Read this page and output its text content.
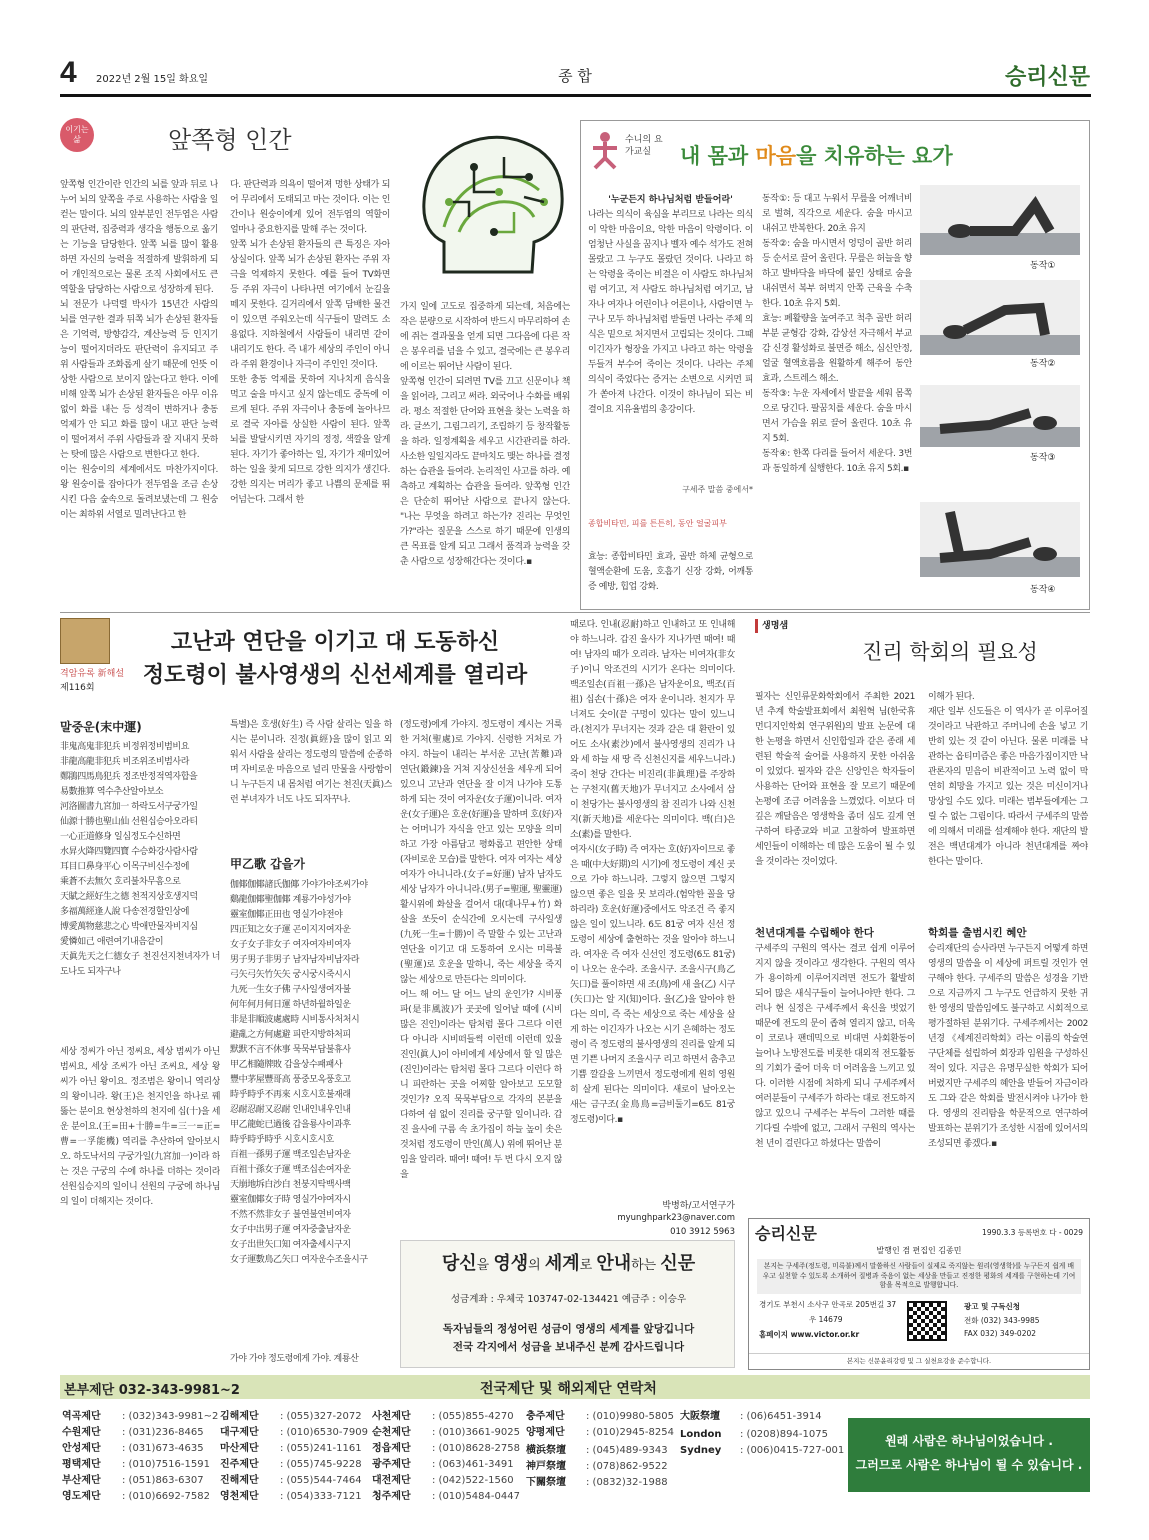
4 2022년 2월 15일 화요일	종 합	승리신문
이기는 삶	앞쪽형 인간
앞쪽형 인간이란 인간의 뇌를 앞과 뒤로 나누어 뇌의 앞쪽을 주로 사용하는 사람을 일컫는 말이다. 뇌의 앞부분인 전두엽은 사람의 판단력, 집중력과 생각을 행동으로 옮기는 기능을 담당한다. 앞쪽 뇌를 많이 활용하면 자신의 능력을 적절하게 발휘하게 되어 개인적으로는 물론 조직 사회에서도 큰 역할을 담당하는 사람으로 성장하게 된다.
뇌 전문가 나덕렬 박사가 15년간 사람의 뇌를 연구한 결과 뒤쪽 뇌가 손상된 환자들은 기억력, 방향감각, 계산능력 등 인지기능이 떨어지더라도 판단력이 유지되고 주위 사람들과 조화롭게 살기 때문에 언뜻 이상한 사람으로 보이지 않는다고 한다. 이에 비해 앞쪽 뇌가 손상된 환자들은 아무 이유 없이 화를 내는 등 성격이 변하거나 충동 억제가 안 되고 화를 많이 내고 판단 능력이 떨어져서 주위 사람들과 잘 지내지 못하는 탓에 많은 사람으로 변한다고 한다.
이는 원숭이의 세계에서도 마찬가지이다. 왕 원숭이를 잡아다가 전두엽을 조금 손상시킨 다음 숲속으로 돌려보냈는데 그 원숭이는 최하위 서열로 밀려난다고 한
다. 판단력과 의욕이 떨어져 멍한 상태가 되어 무리에서 도태되고 마는 것이다. 이는 인간이나 원숭이에게 있어 전두엽의 역할이 얼마나 중요한지를 말해 주는 것이다.
앞쪽 뇌가 손상된 환자들의 큰 특징은 자아 상실이다. 앞쪽 뇌가 손상된 환자는 주위 자극을 억제하지 못한다. 예를 들어 TV화면 등 주위 자극이 나타나면 여기에서 눈길을 떼지 못한다. 길거리에서 앞쪽 담배한 물건이 있으면 주워오는데 식구들이 말려도 소용없다. 지하철에서 사람들이 내리면 같이 내리기도 한다. 즉 내가 세상의 주인이 아니라 주위 환경이나 자극이 주인인 것이다.
또한 충동 억제를 못하여 지나치게 음식을 먹고 술을 마시고 싶지 않는데도 중독에 이르게 된다. 주위 자극이나 충동에 놀아나므로 결국 자아를 상실한 사람이 된다. 앞쪽 뇌를 발달시키면 자기의 정정, 색깔을 알게 된다. 자기가 좋아하는 일, 자기가 재미있어 하는 일을 찾게 되므로 강한 의지가 생긴다. 강한 의지는 머리가 좋고 나쁨의 문제를 뛰어넘는다. 그래서 한
가지 일에 고도로 집중하게 되는데, 처음에는 작은 분량으로 시작하여 반드시 마무리하여 손에 쥐는 결과물을 얻게 되면 그다음에 다른 작은 봉우리를 넘을 수 있고, 결국에는 큰 봉우리에 이르는 뛰어난 사람이 된다.
앞쪽형 인간이 되려면 TV를 끄고 신문이나 책을 읽어라, 그리고 써라. 외국어나 수화를 배워라. 평소 적절한 단어와 표현을 찾는 노력을 하라. 글쓰기, 그림그리기, 조립하기 등 창작활동을 하라. 일정계획을 세우고 시간관리를 하라. 사소한 일일지라도 끝마치도 맺는 하나를 결정하는 습관을 들여라. 논리적인 사고를 하라. 예측하고 계획하는 습관을 들여라. 앞쪽형 인간은 단순히 뛰어난 사람으로 끝나지 않는다. "나는 무엇을 하려고 하는가? 진리는 무엇인가?"라는 질문을 스스로 하기 때문에 인생의 큰 목표를 알게 되고 그래서 품격과 능력을 갖춘 사람으로 성장해간다는 것이다.▪
수니의 요가교실	내 몸과 마음을 치유하는 요가
'누군든지 하나님처럼 받들어라'
나라는 의식이 육심을 부리므로 나라는 의식이 악한 마음이요, 악한 마음이 악령이다. 이 엄청난 사실을 꿈지나 벨자 예수 석가도 전혀 몰랐고 그 누구도 몰랐던 것이다. 나라고 하는 악령을 죽이는 비결은 이 사람도 하나님처럼 여기고, 저 사람도 하나님처럼 여기고, 남자나 여자나 어린이나 어른이나, 사람이면 누구나 모두 하나님처럼 받들면 나라는 주체 의식은 밑으로 처지면서 고립되는 것이다. 그때 이긴자가 형장을 가지고 나라고 하는 악령을 두들겨 부수어 죽이는 것이다. 나라는 주체 의식이 죽었다는 증거는 소변으로 시커먼 피가 쏟아져 나간다. 이것이 하나님이 되는 비결이요 지유율법의 총강이다.
구세주 말씀 중에서*
종합비타민, 피를 튼튼히, 동안 얼굴피부
효능: 종합비타민 효과, 골반 하체 균형으로 혈액순환에 도움, 호흡기 신장 강화, 어깨통증 예방, 힙업 강화.
동작①: 등 대고 누워서 무릎을 어깨너비로 벌혀, 직각으로 세운다. 숨을 마시고 내쉬고 반복한다. 20초 유지
동작②: 숨을 마시면서 엉덩이 골반 허리 등 순서로 끌어 올린다. 무릎은 허늘을 향하고 발바닥을 바닥에 붙인 상태로 숨을 내쉬면서 복부 허벅지 안쪽 근육을 수축한다. 10초 유지 5회.
효능: 폐활량을 높여주고 척추 골반 허리 부분 균형감 강화, 감상선 자극해서 부교감 신경 활성화로 불면증 해소, 심신안정, 얼굴 혈액흐름을 원활하게 해주어 동안 효과, 스트레스 해소.
동작③: 누운 자세에서 발끝을 세워 몸쪽으로 당긴다. 팔꿈치를 세운다. 숨을 마시면서 가슴을 위로 끌어 올린다. 10초 유지 5회.
동작④: 한쪽 다리를 들어서 세운다. 3번과 동일하게 실행한다. 10초 유지 5회.▪
동작①
동작②
동작③
동작④
격암유록 新해설
제116회
고난과 연단을 이기고 대 도동하신
정도령이 불사영생의 신선세계를 열리라
말중운(末中運)
非鬼高鬼非犯兵 비정위정비범비요
非龍高龍非犯兵 비조위조비범사라
鄭鵑四馬鳥犯兵 정조반정적역자합을
易數推算 역수추산알아보소
河洛圖書九宮加一 하락도서구궁가일
仙源十勝也聖山仙 선원십승아오라티
一心正道修身 일심정도수신하면
水昇火降四覽四寶 수승화강사람사람
耳目口鼻身平心 이목구비신수정에
乘蒼不去無欠 호리불차무흠으로
天賦之經好生之德 천적지상호생지덕
多福萬經逢人說 다송전경할인상에
博愛萬物慈悲之心 박애만물자비지심
愛憐如己 애련여기내음같이
天眞先天之仁德女子 천진선지천녀자가 너도나도 되자구나
세상 정씨가 아닌 정씨요, 세상 범씨가 아닌 범씨요, 세상 조씨가 아닌 조씨요, 세상 왕씨가 아닌 왕이요. 정조범은 왕이니 역리상의 왕이니라. 왕(王)은 천지인을 하나로 꿰뚫는 분이요 현상천하의 천지에 십(十)을 세운 분이요.(王=田+十勝=牛=三一=正=曹=一孚能機) 역리를 추산하여 알아보시오. 하도낙서의 구궁가일(九宮加一)이라 하는 것은 구궁의 수에 하나를 더하는 것이라 선원십승지의 일이니 선원의 구궁에 하나님의 일이 더해지는 것이다.
특별)은 호생(好生) 즉 사람 살리는 일을 하시는 분이니라. 진정(眞經)을 많이 읽고 외워서 사람을 살리는 정도령의 말씀에 순종하며 자비로운 마음으로 널리 만물을 사랑함이니 누구든지 내 몸처럼 여기는 천진(天眞)스런 부녀자가 너도 나도 되자꾸나.
甲乙歌 갑을가
伽倻伽倻諸氏伽倻 가야가야조씨가야
鷄龍伽倻聖伽倻 계룡가야성가야
靈室伽倻正田也 영실가야전야
四正知之女子運 곤이지지여자운
女子女子非女子 여자여자비여자
男子男子非男子 남자남자비남자라
弓矢弓矢竹矢矢 궁시궁시죽시시
九死一生女子佛 구사일생여자불
何年何月何日運 하년하월하일운
非是非順波處處時 시비통사처처시
避亂之方何處避 피란지방하처피
默默不言不休事 묵묵부답불휴사
甲乙相隨牌敗 갑을상수패패사
豐中茅屋豐哥高 풍중모옥풍호고
時乎時乎不再來 시호시호불재래
忍耐忍耐又忍耐 인내인내우인내
甲乙龍蛇已過後 갑을룡사이과후
時乎時乎時乎 시호시호시호
百祖一孫男子運 백조일손남자운
百祖十孫女子運 백조십손여자운
天崩地坼白沙白 천붕지탁백사백
靈室伽倻女子時 영실가야여자시
不然不然非女子 불연불연비여자
女子中出男子運 여자중출남자운
女子出世矢口知 여자출세시구지
女子運數鳥乙矢口 여자운수조을시구
가야 가야 정도령에게 가야. 계룡산
(정도령)에게 가야지. 정도령이 계시는 거룩한 거처(聖處)로 가야지. 신령한 거처로 가야지. 하늘이 내리는 부서운 고난(苦難)과 연단(鍛鍊)을 거쳐 지상신선을 세우게 되어있으니 고난과 연단을 잘 이겨 나가야 도통하게 되는 것이 여자운(女子運)이니라. 여자운(女子運)은 호운(好運)을 말하며 호(好)자는 어머니가 자식을 안고 있는 모양을 의미하고 가장 아름답고 평화롭고 편안한 상태(자비로운 모습)를 말한다. 여자 여자는 세상 여자가 아니니라.(女子=好運) 남자 남자도 세상 남자가 아니니라.(男子=聖運, 聖靈運) 활시위에 화살을 걸어서 대(대나무+竹) 화살을 쏘듯이 순식간에 오시는데 구사일생(九死一生=十勝)이 즉 말할 수 있는 고난과 연단을 이기고 대 도통하여 오시는 미륵불(聖運)로 호운을 말하니, 죽는 세상을 죽지 않는 세상으로 만든다는 의미이다.
어느 해 어느 달 어느 날의 운인가? 시비풍파(是非風波)가 곳곳에 일어날 때에 (시비 많은 진인)이라는 탐처럼 몰다 그르다 이런다 아니라 시비떠들썩 이런데 이런데 있을 진인(眞人)이 아비에게 세상에서 할 일 많은 (진인)이라는 탐처럼 몰다 그르다 이런다 하니 피란하는 곳을 어찌할 알아보고 도모할 것인가? 오직 묵묵부답으로 각자의 본분을 다하여 쉼 없이 진리를 궁구할 일이니라. 갑진 을사에 구름 속 초가집이 하늘 높이 솟은 것처럼 정도령이 만인(萬人) 위에 뛰어난 분임을 알리라. 때여! 때여! 두 번 다시 오지 않을
때로다. 인내(忍耐)하고 인내하고 또 인내해야 하느니라. 갑진 을사가 지나가면 때여! 때여! 남자의 때가 오리라. 남자는 비여자(非女子)이니 악조건의 시기가 온다는 의미이다. 백조일손(百祖一孫)은 남자운이요, 백조(百祖) 십손(十孫)은 여자 운이니라. 천지가 무너져도 숫이(끝 구멍이 있다는 말이 있느니라.(천지가 무너지는 것과 같은 대 환란이 있어도 소사(素沙)에서 불사영생의 진리가 나와 세 하늘 새 땅 즉 신천신지를 세우느니라.) 죽이 천당 간다는 비진리(非眞理)를 주장하는 구천지(舊天地)가 무너지고 소사에서 삼이 천당가는 불사영생의 참 진리가 나와 신천지(新天地)를 세운다는 의미이다. 백(白)은 소(素)를 말한다.
여자시(女子時) 즉 여자는 호(好)자이므로 좋은 때(中大好期)의 시기)에 정도령이 계신 곳으로 가야 하느니라. 그렇지 않으면 그렇지 않으면 좋은 일을 못 보리라.(험악한 꼴을 당하리라) 호운(好運)중에서도 악조건 즉 좋지 않은 일이 있느니라. 6도 81궁 여자 신선 정도령이 세상에 출현하는 것을 알아야 하느니라. 여자운 즉 여자 신선인 정도령(6도 81궁)이 나오는 운수라. 조을시구. 조을시구(鳥乙矢口)를 풀이하면 새 조(鳥)에 새 을(乙) 시구(矢口)는 알 지(知)이다. 을(乙)을 알아야 한다는 의미, 즉 죽는 세상으로 죽는 세상을 살게 하는 이긴자가 나오는 시기 은혜하는 정도령이 즉 정도령의 불사영생의 진리를 알게 되면 기쁜 나머지 조을시구 리고 하면서 춤추고 기쁨 깔갈을 느끼면서 정도령에게 원히 영원히 살게 된다는 의미이다. 새로이 날아오는 새는 금구조(金鳥鳥=금비둘기=6도 81궁 정도령)이다.▪
박병하/고서연구가
myunghpark23@naver.com
010 3912 5963
당신을 영생의 세계로 안내하는 신문
성금계좌 : 우체국 103747-02-134421 예금주 : 이승우
독자님들의 정성어린 성금이 영생의 세계를 앞당깁니다
전국 각지에서 성금을 보내주신 분께 감사드립니다
생명샘
진리 학회의 필요성
필자는 신인류문화학회에서 주최한 2021년 추계 학술발표회에서 최원혁 님(한국휴먼디지인학회 연구위원)의 발표 논문에 대한 논평을 하면서 신인합일과 같은 종래 세련된 학술적 술어를 사용하지 못한 아쉬움이 있었다. 필자와 같은 신앙인은 학자들이 사용하는 단어와 표현을 잘 모르기 때문에 논평에 조금 어려움을 느꼈었다. 이보다 더 깊은 깨달음은 영생학을 좀더 심도 깊게 연구하여 타종교와 비교 고찰하여 발표하면 세인들이 이해하는 데 많은 도움이 될 수 있을 것이라는 것이었다.
천년대계를 수립해야 한다
구세주의 구원의 역사는 결코 쉽게 이루어지지 않을 것이라고 생각한다. 구원의 역사가 용이하게 이루어지려면 전도가 활발히 되어 많은 새식구들이 늘어나야만 한다. 그러나 현 실정은 구세주께서 육신을 벗었기 때문에 전도의 문이 좁혀 열리지 않고, 더욱이 코로나 팬데믹으로 비대면 사회환동이 늘어나 노방전도를 비롯한 대외적 전도활동의 기회가 줄어 더욱 더 어려움을 느끼고 있다. 이러한 시점에 처하게 되니 구세주께서 여러분들이 구세주가 하라는 대로 전도하지 않고 있으니 구세주는 부득이 그러한 때를 기다릴 수밖에 없고, 그래서 구원의 역사는 천 년이 걸린다고 하셨다는 말씀이
이해가 된다.
재단 일부 신도들은 이 역사가 곧 이루어질 것이라고 낙관하고 주머니에 손을 넣고 기반히 있는 것 같이 아닌다. 물론 미래를 낙관하는 옵티미즘은 좋은 마음가짐이지만 낙관론자의 믿음이 비관적이고 노력 없이 막연히 희망을 가지고 있는 것은 미신이거나 망상일 수도 있다. 미래는 범부들에게는 그릴 수 없는 그림이다. 따라서 구세주의 말씀에 의해서 미래를 설계해야 한다. 재단의 발전은 백년대계가 아니라 천년대계를 짜야 한다는 말이다.
학회를 출범시킨 혜안
승리재단의 승사라면 누구든지 어떻게 하면 영생의 말씀을 이 세상에 퍼트릴 것인가 연구해야 한다. 구세주의 말씀은 성경을 기반으로 지금까지 그 누구도 언급하지 못한 귀한 영생의 말씀임에도 불구하고 시회적으로 평가절하된 분위기다. 구세주께서는 2002년경 《세계진리학회》라는 이름의 학술연구단체를 설립하여 회장과 임원을 구성하신 적이 있다. 지금은 유명무실한 학회가 되어 버렸지만 구세주의 혜안을 받들어 자금이라도 그와 같은 학회를 발전시켜야 나가야 한다. 영생의 진리탐을 학문적으로 연구하여 발표하는 분위기가 조성한 시점에 있어서의 조성되면 좋겠다.▪
승리신문	1990.3.3 등록번호 다 - 0029
발행인 겸 편집인 김종민
본지는 구세주(정도령, 미륵불)께서 말씀하신 사람들이 실제로 죽지않는 원리(영생학)를 누구든지 쉽게 배우고 실천할 수 있도록 소개하여 질병과 죽음이 없는 세상을 만들고 진정한 평화의 세계를 구현하는데 기여함을 목적으로 발행합니다.
경기도 부천시 소사구 안곡로 205번길 37
우 14679
홈페이지 www.victor.or.kr
광고 및 구독신청
전화 (032) 343-9985
FAX 032) 349-0202
본지는 신문윤리강령 및 그 실천요강을 준수합니다.
본부제단 032-343-9981~2	전국제단 및 해외제단 연락처
역곡제단	: (032)343-9981~2
수원제단	: (031)236-8465
안성제단	: (031)673-4635
평택제단	: (010)7516-1591
부산제단	: (051)863-6307
영도제단	: (010)6692-7582
김해제단	: (055)327-2072
대구제단	: (010)6530-7909
마산제단	: (055)241-1161
진주제단	: (055)745-9228
진해제단	: (055)544-7464
영천제단	: (054)333-7121
사천제단	: (055)855-4270
순천제단	: (010)3661-9025
정읍제단	: (010)8628-2758
광주제단	: (063)461-3491
대전제단	: (042)522-1560
청주제단	: (010)5484-0447
충주제단	: (010)9980-5805
양평제단	: (010)2945-8254

横浜祭壇	: (045)489-9343
神戸祭壇	: (078)862-9522
下關祭壇	: (0832)32-1988
大阪祭壇	: (06)6451-3914

London	: (0208)894-1075
Sydney	: (006)0415-727-001
원래 사람은 하나님이었습니다 .
그러므로 사람은 하나님이 될 수 있습니다 .
